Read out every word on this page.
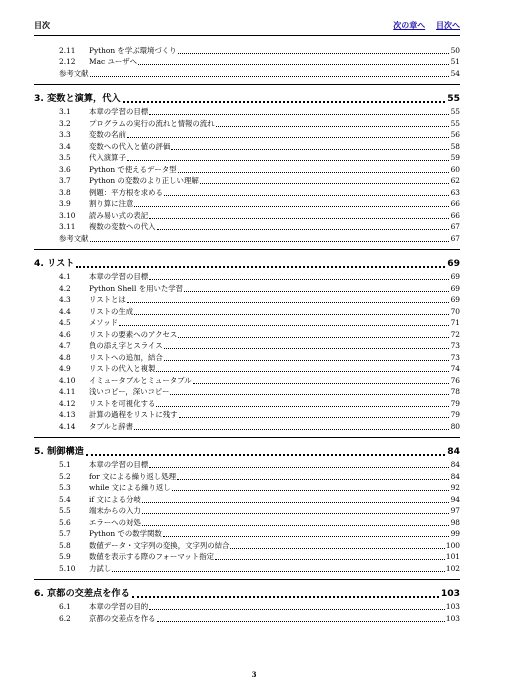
目次	次の章へ 目次へ
2.11	Python を学ぶ環境づくり	50
2.12	Mac ユーザへ	51
参考文献	54
3. 変数と演算，代入	55
3.1	本章の学習の目標	55
3.2	プログラムの実行の流れと情報の流れ	55
3.3	変数の名前	56
3.4	変数への代入と値の評価	58
3.5	代入演算子	59
3.6	Python で使えるデータ型	60
3.7	Python の変数のより正しい理解	62
3.8	例題：平方根を求める	63
3.9	割り算に注意	66
3.10	読み易い式の表記	66
3.11	複数の変数への代入	67
参考文献	67
4. リスト	69
4.1	本章の学習の目標	69
4.2	Python Shell を用いた学習	69
4.3	リストとは	69
4.4	リストの生成	70
4.5	メソッド	71
4.6	リストの要素へのアクセス	72
4.7	負の添え字とスライス	73
4.8	リストへの追加，結合	73
4.9	リストの代入と複製	74
4.10	イミュータブルとミュータブル	76
4.11	浅いコピー，深いコピー	78
4.12	リストを可視化する	79
4.13	計算の過程をリストに残す	79
4.14	タプルと辞書	80
5. 制御構造	84
5.1	本章の学習の目標	84
5.2	for 文による繰り返し処理	84
5.3	while 文による繰り返し	92
5.4	if 文による分岐	94
5.5	端末からの入力	97
5.6	エラーへの対処	98
5.7	Python での数学関数	99
5.8	数値データ・文字列の変換，文字列の結合	100
5.9	数値を表示する際のフォーマット指定	101
5.10	力試し	102
6. 京都の交差点を作る	103
6.1	本章の学習の目的	103
6.2	京都の交差点を作る	103
3
